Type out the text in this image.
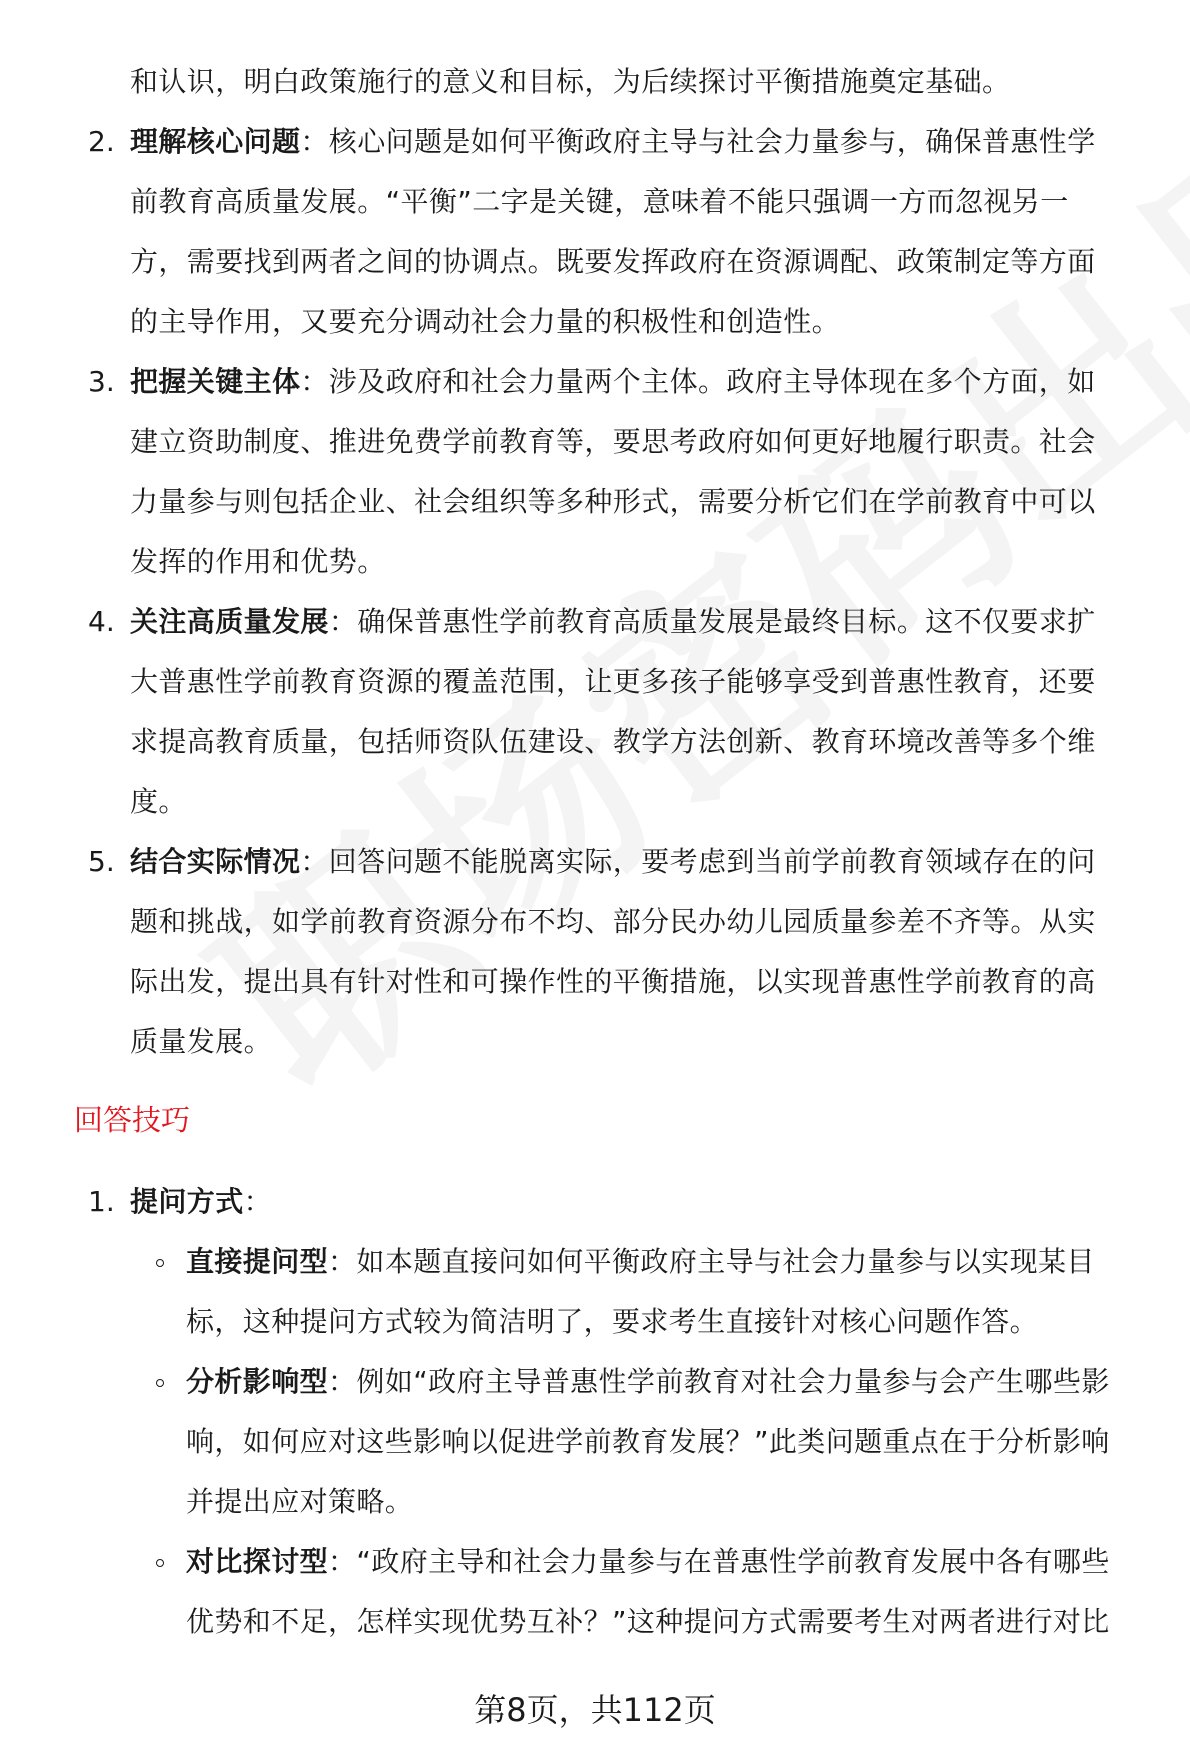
和认识，明白政策施行的意义和目标，为后续探讨平衡措施奠定基础。
2. 理解核心问题：核心问题是如何平衡政府主导与社会力量参与，确保普惠性学
前教育高质量发展。“平衡”二字是关键，意味着不能只强调一方而忽视另一
方，需要找到两者之间的协调点。既要发挥政府在资源调配、政策制定等方面
的主导作用，又要充分调动社会力量的积极性和创造性。
3. 把握关键主体：涉及政府和社会力量两个主体。政府主导体现在多个方面，如
建立资助制度、推进免费学前教育等，要思考政府如何更好地履行职责。社会
力量参与则包括企业、社会组织等多种形式，需要分析它们在学前教育中可以
发挥的作用和优势。
4. 关注高质量发展：确保普惠性学前教育高质量发展是最终目标。这不仅要求扩
大普惠性学前教育资源的覆盖范围，让更多孩子能够享受到普惠性教育，还要
求提高教育质量，包括师资队伍建设、教学方法创新、教育环境改善等多个维
度。
5. 结合实际情况：回答问题不能脱离实际，要考虑到当前学前教育领域存在的问
题和挑战，如学前教育资源分布不均、部分民办幼儿园质量参差不齐等。从实
际出发，提出具有针对性和可操作性的平衡措施，以实现普惠性学前教育的高
质量发展。
回答技巧
1. 提问方式：
直接提问型：如本题直接问如何平衡政府主导与社会力量参与以实现某目
标，这种提问方式较为简洁明了，要求考生直接针对核心问题作答。
分析影响型：例如“政府主导普惠性学前教育对社会力量参与会产生哪些影
响，如何应对这些影响以促进学前教育发展？”此类问题重点在于分析影响
并提出应对策略。
对比探讨型：“政府主导和社会力量参与在普惠性学前教育发展中各有哪些
优势和不足，怎样实现优势互补？”这种提问方式需要考生对两者进行对比
第8页，共112页
